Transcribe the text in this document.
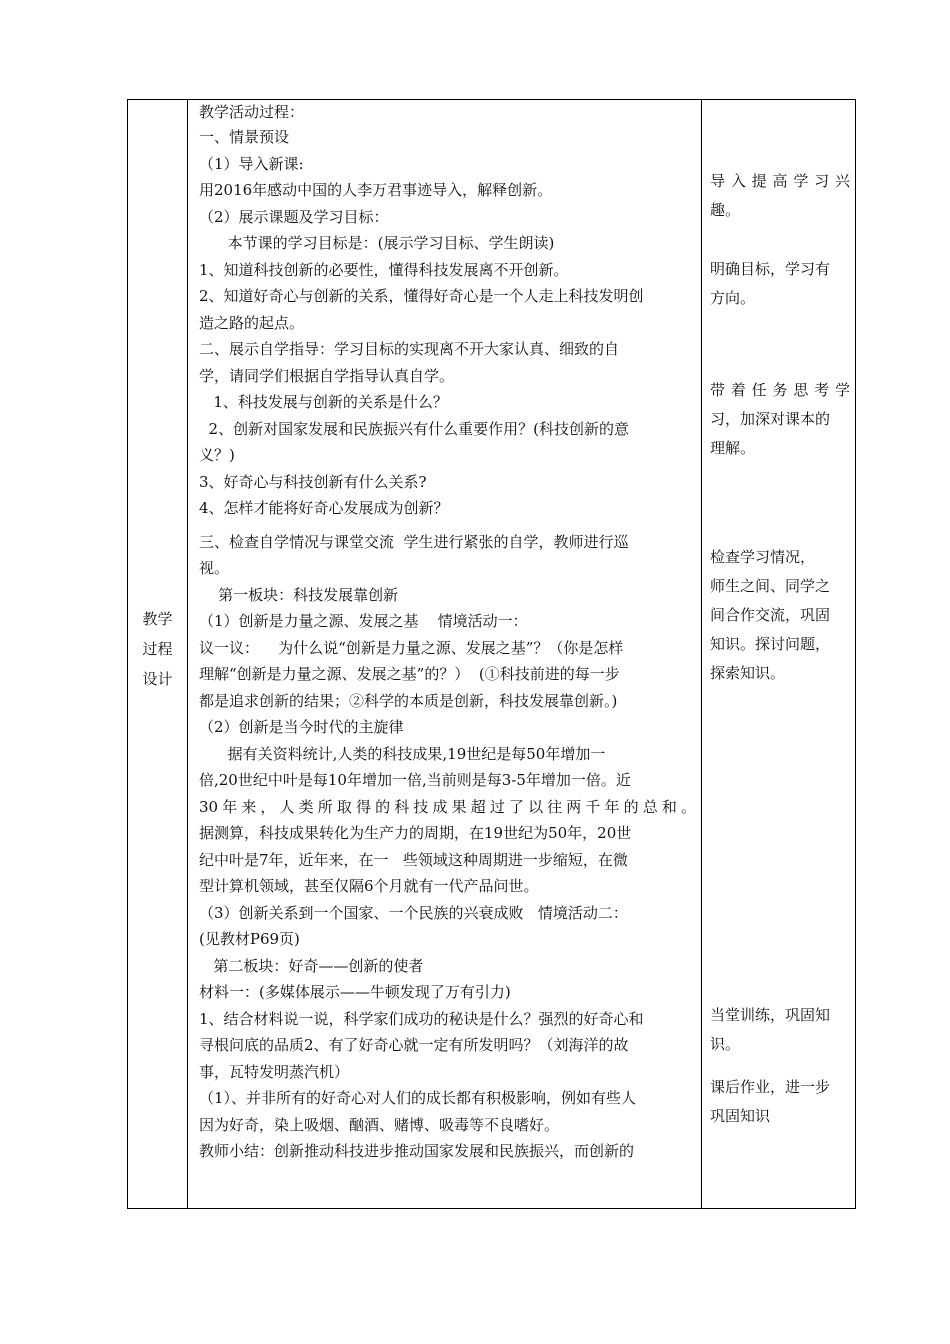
教学
过程
设计

教学活动过程：

一、情景预设

（1）导入新课:

用2016年感动中国的人李万君事迹导入，解释创新。

（2）展示课题及学习目标：

本节课的学习目标是：(展示学习目标、学生朗读)

1、知道科技创新的必要性，懂得科技发展离不开创新。

2、知道好奇心与创新的关系，懂得好奇心是一个人走上科技发明创

造之路的起点。

二、展示自学指导：学习目标的实现离不开大家认真、细致的自

学，请同学们根据自学指导认真自学。

1、科技发展与创新的关系是什么？

2、创新对国家发展和民族振兴有什么重要作用？(科技创新的意

义？)

3、好奇心与科技创新有什么关系?

4、怎样才能将好奇心发展成为创新？

三、检查自学情况与课堂交流  学生进行紧张的自学，教师进行巡

视。

第一板块：科技发展靠创新

（1）创新是力量之源、发展之基    情境活动一：

议一议：    为什么说“创新是力量之源、发展之基”？（你是怎样

理解“创新是力量之源、发展之基”的？）  (①科技前进的每一步

都是追求创新的结果；②科学的本质是创新，科技发展靠创新。)

（2）创新是当今时代的主旋律

据有关资料统计,人类的科技成果,19世纪是每50年增加一

倍,20世纪中叶是每10年增加一倍,当前则是每3-5年增加一倍。近

30年来，人类所取得的科技成果超过了以往两千年的总和。

据测算，科技成果转化为生产力的周期，在19世纪为50年，20世

纪中叶是7年，近年来，在一   些领域这种周期进一步缩短，在微

型计算机领域，甚至仅隔6个月就有一代产品问世。

（3）创新关系到一个国家、一个民族的兴衰成败   情境活动二：

(见教材P69页)

第二板块：好奇——创新的使者

材料一：(多媒体展示——牛顿发现了万有引力)

1、结合材料说一说，科学家们成功的秘诀是什么？强烈的好奇心和

寻根问底的品质2、有了好奇心就一定有所发明吗？（刘海洋的故

事，瓦特发明蒸汽机）

（1）、并非所有的好奇心对人们的成长都有积极影响，例如有些人

因为好奇，染上吸烟、酗酒、赌博、吸毒等不良嗜好。

教师小结：创新推动科技进步推动国家发展和民族振兴，而创新的

导入提高学习兴

趣。

明确目标，学习有

方向。

带着任务思考学

习，加深对课本的

理解。

检查学习情况，

师生之间、同学之

间合作交流，巩固

知识。探讨问题，

探索知识。

当堂训练，巩固知

识。

课后作业，进一步

巩固知识
